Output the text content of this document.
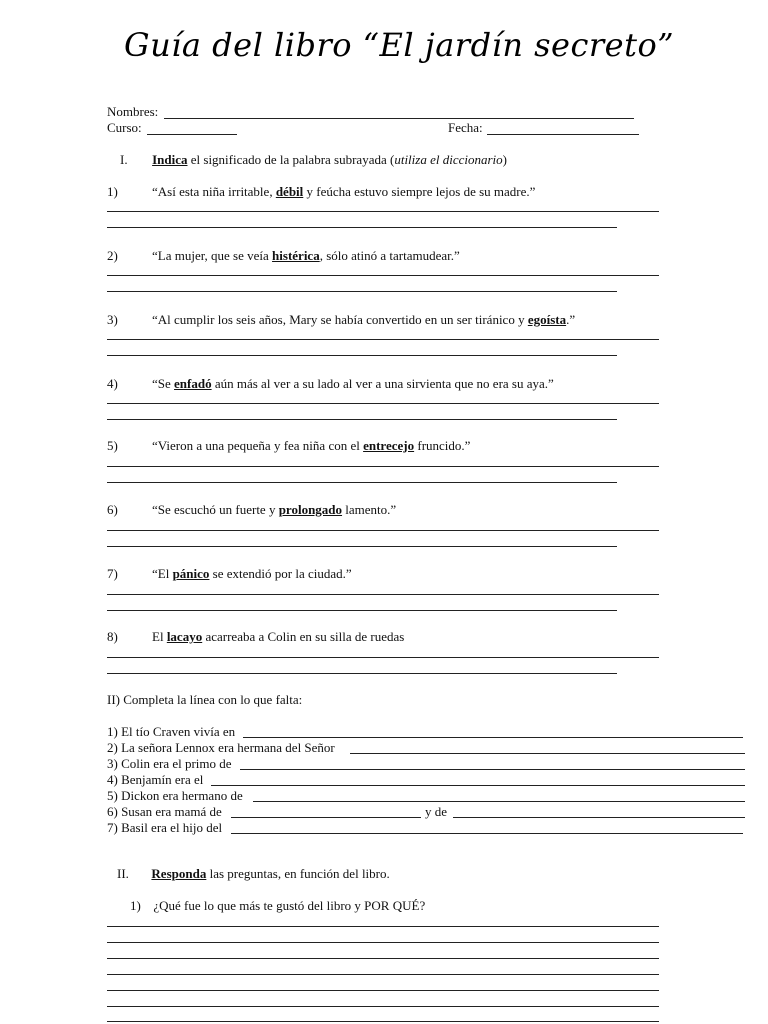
Guía del libro “El jardín secreto”
Nombres:
Curso:	Fecha:
I. Indica el significado de la palabra subrayada (utiliza el diccionario)
1)	“Así esta niña irritable, débil y feúcha estuvo siempre lejos de su madre.”
2)	“La mujer, que se veía histérica, sólo atinó a tartamudear.”
3)	“Al cumplir los seis años, Mary se había convertido en un ser tiránico y egoísta.”
4)	“Se enfadó aún más al ver a su lado al ver a una sirvienta que no era su aya.”
5)	“Vieron a una pequeña y fea niña con el entrecejo fruncido.”
6)	“Se escuchó un fuerte y prolongado lamento.”
7)	“El pánico se extendió por la ciudad.”
8)	El lacayo acarreaba a Colin en su silla de ruedas
II) Completa la línea con lo que falta:
1) El tío Craven vivía en
2) La señora Lennox era hermana del Señor
3) Colin era el primo de
4) Benjamín era el
5) Dickon era hermano de
6) Susan era mamá de	y de
7) Basil era el hijo del
II. Responda las preguntas, en función del libro.
1) ¿Qué fue lo que más te gustó del libro y POR QUÉ?
